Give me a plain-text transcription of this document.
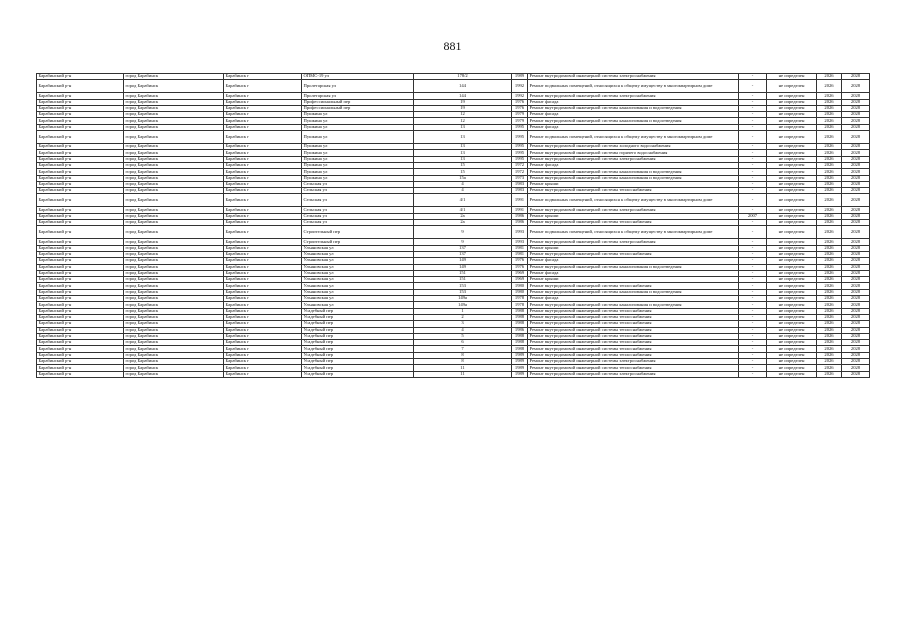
881
Барабинский р-н	город Барабинск	Барабинск г	ОПМС-19 ул	178/2	1989	Ремонт внутридомовой инженерной системы электроснабжения	-	не определен	2026	2028
Барабинский р-н	город Барабинск	Барабинск г	Пролетарская ул	144	1992	Ремонт подвальных помещений, относящихся к общему имуществу в многоквартирном доме	-	не определен	2026	2028
Барабинский р-н	город Барабинск	Барабинск г	Пролетарская ул	144	1992	Ремонт внутридомовой инженерной системы электроснабжения	-	не определен	2026	2028
Барабинский р-н	город Барабинск	Барабинск г	Профессиональный пер	19	1976	Ремонт фасада	-	не определен	2026	2028
Барабинский р-н	город Барабинск	Барабинск г	Профессиональный пер	19	1976	Ремонт внутридомовой инженерной системы канализования и водоотведения	-	не определен	2026	2028
Барабинский р-н	город Барабинск	Барабинск г	Пушкина ул	12	1979	Ремонт фасада	-	не определен	2026	2028
Барабинский р-н	город Барабинск	Барабинск г	Пушкина ул	12	1979	Ремонт внутридомовой инженерной системы канализования и водоотведения	-	не определен	2026	2028
Барабинский р-н	город Барабинск	Барабинск г	Пушкина ул	13	1995	Ремонт фасада	-	не определен	2026	2028
Барабинский р-н	город Барабинск	Барабинск г	Пушкина ул	13	1995	Ремонт подвальных помещений, относящихся к общему имуществу в многоквартирном доме	-	не определен	2026	2028
Барабинский р-н	город Барабинск	Барабинск г	Пушкина ул	13	1995	Ремонт внутридомовой инженерной системы холодного водоснабжения	-	не определен	2026	2028
Барабинский р-н	город Барабинск	Барабинск г	Пушкина ул	13	1995	Ремонт внутридомовой инженерной системы горячего водоснабжения	-	не определен	2026	2028
Барабинский р-н	город Барабинск	Барабинск г	Пушкина ул	13	1995	Ремонт внутридомовой инженерной системы электроснабжения	-	не определен	2026	2028
Барабинский р-н	город Барабинск	Барабинск г	Пушкина ул	15	1972	Ремонт фасада	-	не определен	2026	2028
Барабинский р-н	город Барабинск	Барабинск г	Пушкина ул	15	1972	Ремонт внутридомовой инженерной системы канализования и водоотведения	-	не определен	2026	2028
Барабинский р-н	город Барабинск	Барабинск г	Пушкина ул	15а	1973	Ремонт внутридомовой инженерной системы канализования и водоотведения	-	не определен	2026	2028
Барабинский р-н	город Барабинск	Барабинск г	Сельская ул	4	1983	Ремонт крыши	-	не определен	2026	2028
Барабинский р-н	город Барабинск	Барабинск г	Сельская ул	4	1983	Ремонт внутридомовой инженерной системы теплоснабжения	-	не определен	2026	2028
Барабинский р-н	город Барабинск	Барабинск г	Сельская ул	4/1	1991	Ремонт подвальных помещений, относящихся к общему имуществу в многоквартирном доме	-	не определен	2026	2028
Барабинский р-н	город Барабинск	Барабинск г	Сельская ул	4/1	1991	Ремонт внутридомовой инженерной системы электроснабжения	-	не определен	2026	2028
Барабинский р-н	город Барабинск	Барабинск г	Сельская ул	2а	1986	Ремонт крыши	2007	не определен	2026	2028
Барабинский р-н	город Барабинск	Барабинск г	Сельская ул	2а	1986	Ремонт внутридомовой инженерной системы теплоснабжения	-	не определен	2026	2028
Барабинский р-н	город Барабинск	Барабинск г	Строительный пер	9	1993	Ремонт подвальных помещений, относящихся к общему имуществу в многоквартирном доме	-	не определен	2026	2028
Барабинский р-н	город Барабинск	Барабинск г	Строительный пер	9	1993	Ремонт внутридомовой инженерной системы электроснабжения	-	не определен	2026	2028
Барабинский р-н	город Барабинск	Барабинск г	Ульяновская ул	137	1981	Ремонт крыши	-	не определен	2026	2028
Барабинский р-н	город Барабинск	Барабинск г	Ульяновская ул	137	1981	Ремонт внутридомовой инженерной системы теплоснабжения	-	не определен	2026	2028
Барабинский р-н	город Барабинск	Барабинск г	Ульяновская ул	149	1976	Ремонт фасада	-	не определен	2026	2028
Барабинский р-н	город Барабинск	Барабинск г	Ульяновская ул	149	1976	Ремонт внутридомовой инженерной системы канализования и водоотведения	-	не определен	2026	2028
Барабинский р-н	город Барабинск	Барабинск г	Ульяновская ул	151	1969	Ремонт фасада	-	не определен	2026	2028
Барабинский р-н	город Барабинск	Барабинск г	Ульяновская ул	151	1969	Ремонт крыши	-	не определен	2026	2028
Барабинский р-н	город Барабинск	Барабинск г	Ульяновская ул	153	1980	Ремонт внутридомовой инженерной системы теплоснабжения	-	не определен	2026	2028
Барабинский р-н	город Барабинск	Барабинск г	Ульяновская ул	153	1980	Ремонт внутридомовой инженерной системы канализования и водоотведения	-	не определен	2026	2028
Барабинский р-н	город Барабинск	Барабинск г	Ульяновская ул	149а	1978	Ремонт фасада	-	не определен	2026	2028
Барабинский р-н	город Барабинск	Барабинск г	Ульяновская ул	149а	1978	Ремонт внутридомовой инженерной системы канализования и водоотведения	-	не определен	2026	2028
Барабинский р-н	город Барабинск	Барабинск г	Усадебный пер	1	1988	Ремонт внутридомовой инженерной системы теплоснабжения	-	не определен	2026	2028
Барабинский р-н	город Барабинск	Барабинск г	Усадебный пер	2	1988	Ремонт внутридомовой инженерной системы теплоснабжения	-	не определен	2026	2028
Барабинский р-н	город Барабинск	Барабинск г	Усадебный пер	3	1988	Ремонт внутридомовой инженерной системы теплоснабжения	-	не определен	2026	2028
Барабинский р-н	город Барабинск	Барабинск г	Усадебный пер	4	1986	Ремонт внутридомовой инженерной системы теплоснабжения	-	не определен	2026	2028
Барабинский р-н	город Барабинск	Барабинск г	Усадебный пер	5	1988	Ремонт внутридомовой инженерной системы теплоснабжения	-	не определен	2026	2028
Барабинский р-н	город Барабинск	Барабинск г	Усадебный пер	6	1988	Ремонт внутридомовой инженерной системы теплоснабжения	-	не определен	2026	2028
Барабинский р-н	город Барабинск	Барабинск г	Усадебный пер	7	1988	Ремонт внутридомовой инженерной системы теплоснабжения	-	не определен	2026	2028
Барабинский р-н	город Барабинск	Барабинск г	Усадебный пер	8	1989	Ремонт внутридомовой инженерной системы теплоснабжения	-	не определен	2026	2028
Барабинский р-н	город Барабинск	Барабинск г	Усадебный пер	8	1989	Ремонт внутридомовой инженерной системы электроснабжения	-	не определен	2026	2028
Барабинский р-н	город Барабинск	Барабинск г	Усадебный пер	11	1989	Ремонт внутридомовой инженерной системы теплоснабжения	-	не определен	2026	2028
Барабинский р-н	город Барабинск	Барабинск г	Усадебный пер	11	1989	Ремонт внутридомовой инженерной системы электроснабжения	-	не определен	2026	2028
